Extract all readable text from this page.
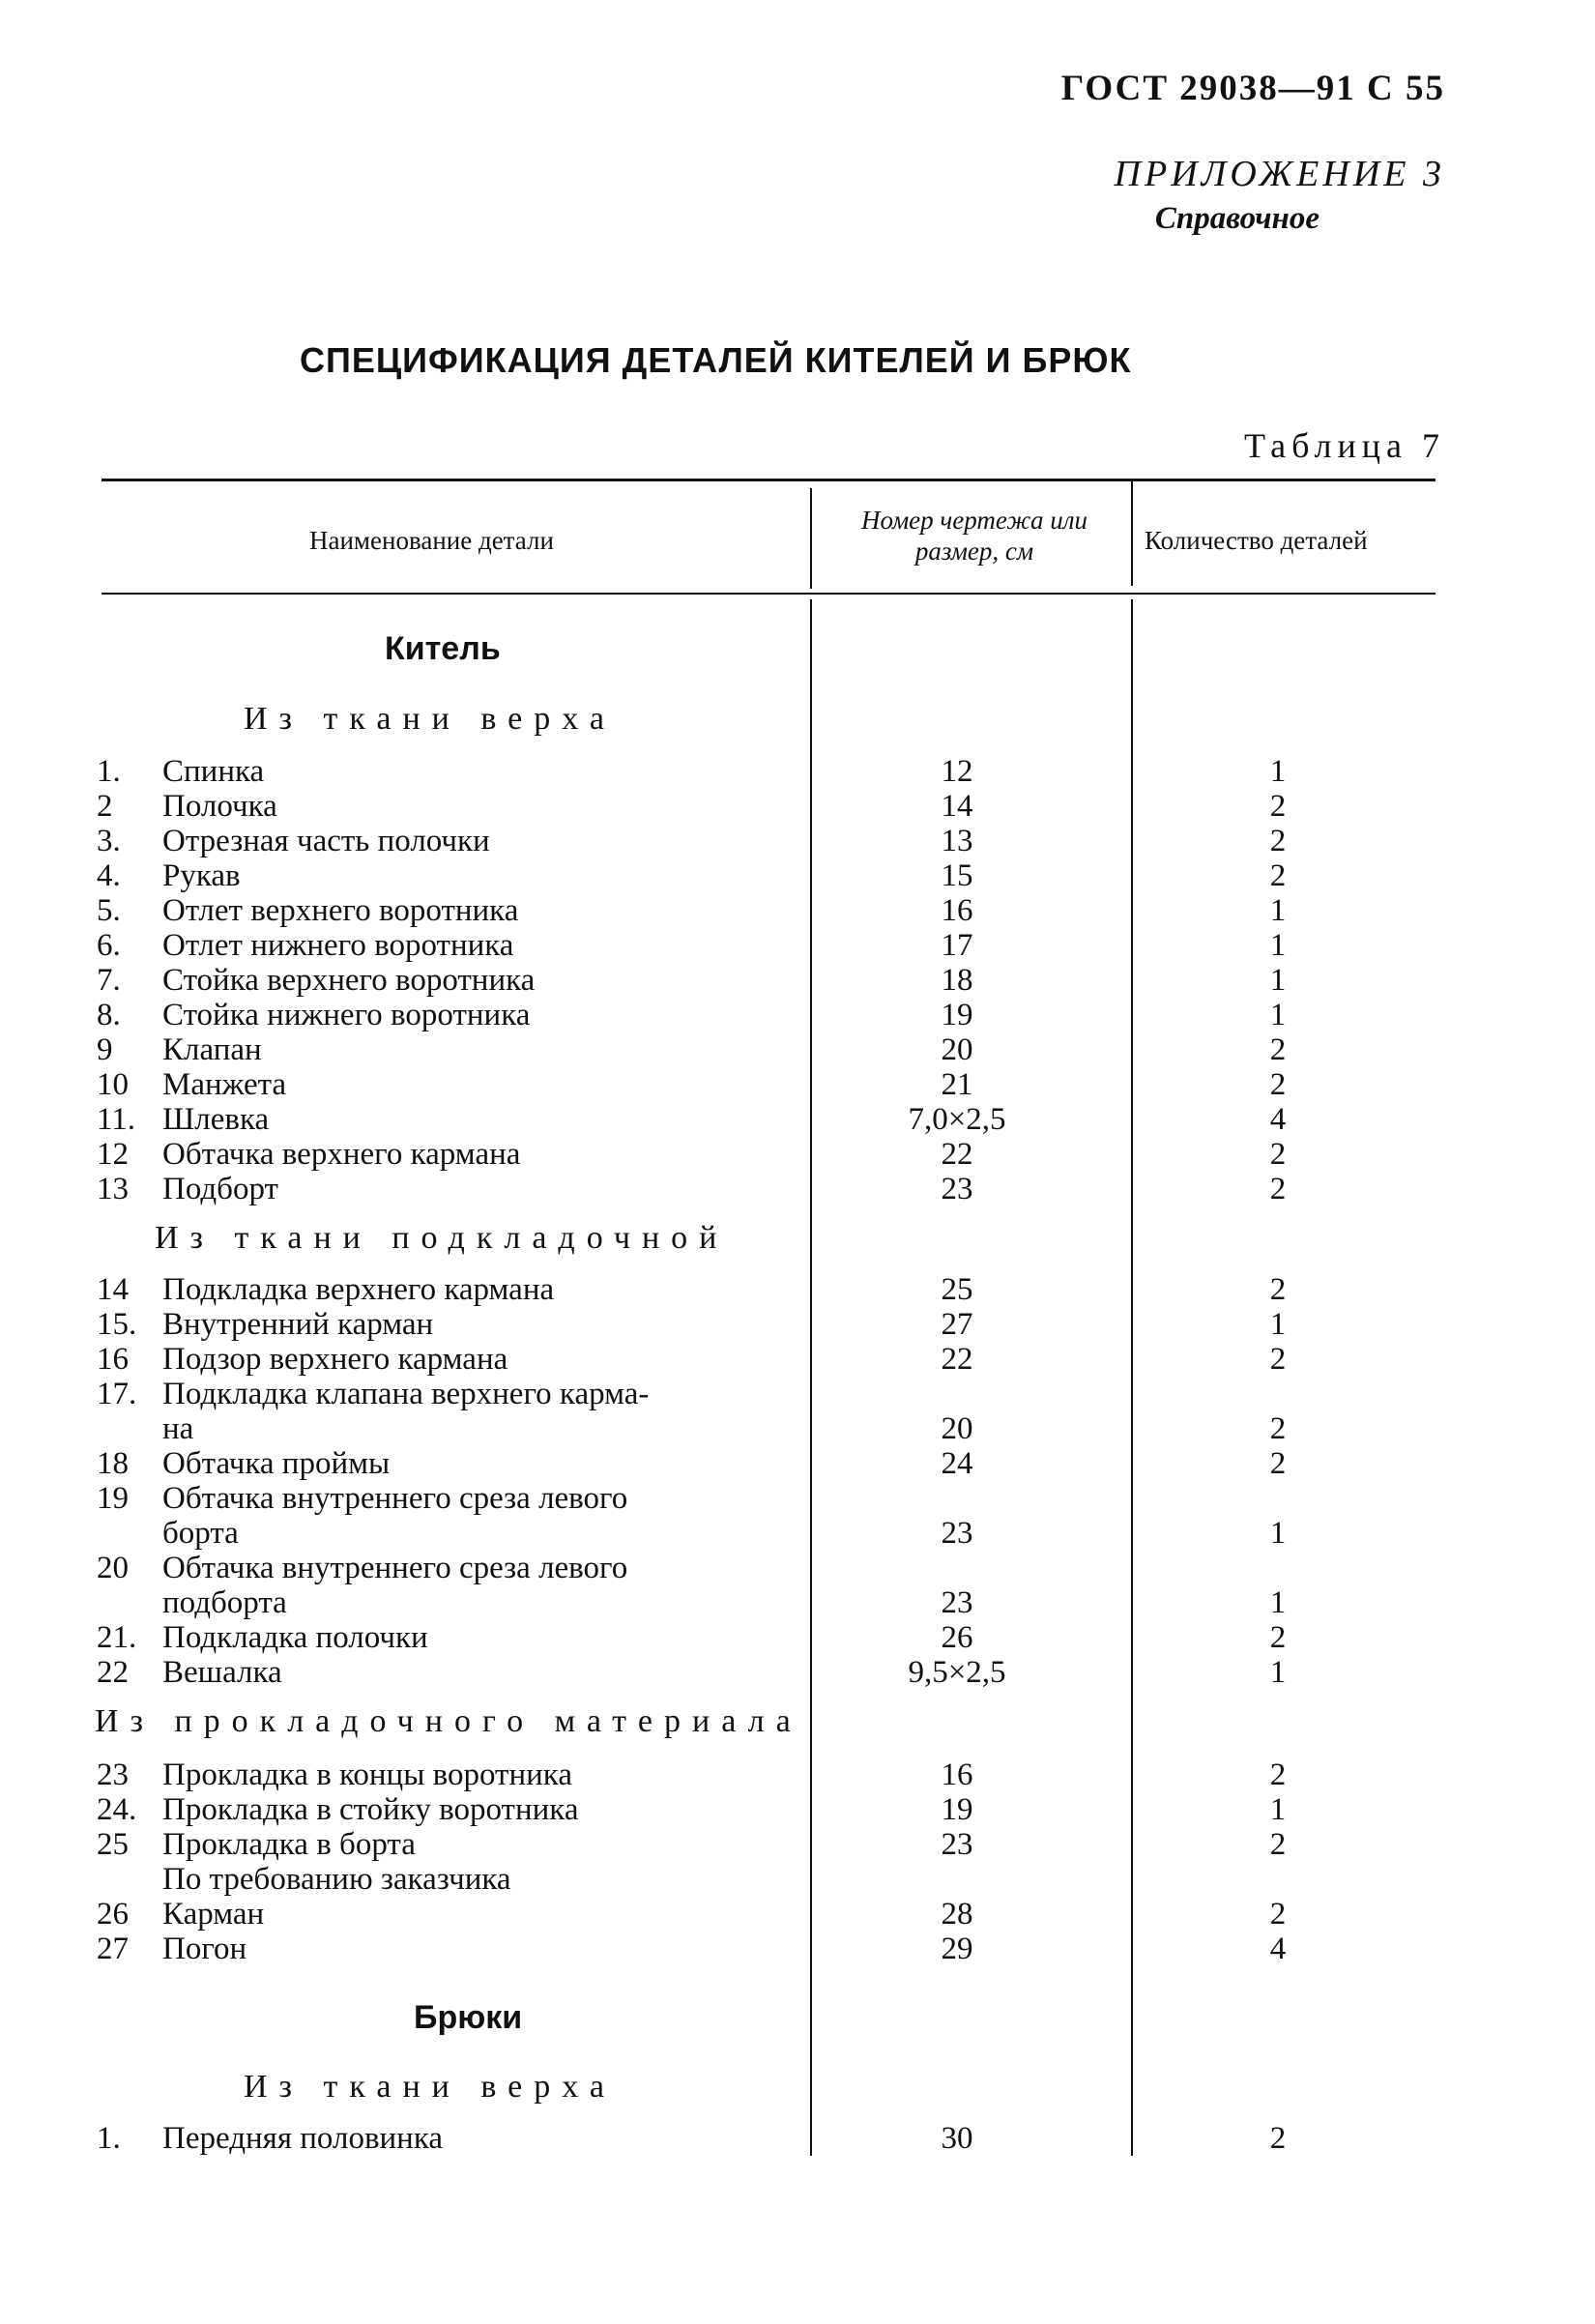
ГОСТ 29038—91 С 55
ПРИЛОЖЕНИЕ 3
Справочное
СПЕЦИФИКАЦИЯ ДЕТАЛЕЙ КИТЕЛЕЙ И БРЮК
Таблица 7
Наименование детали
Номер чертежа или размер, см	Количество деталей
Китель
Из ткани верха
1. Спинка	12	1
2 Полочка	14	2
3. Отрезная часть полочки	13	2
4. Рукав	15	2
5. Отлет верхнего воротника	16	1
6. Отлет нижнего воротника	17	1
7. Стойка верхнего воротника	18	1
8. Стойка нижнего воротника	19	1
9 Клапан	20	2
10 Манжета	21	2
11. Шлевка	7,0×2,5	4
12 Обтачка верхнего кармана	22	2
13 Подборт	23	2
Из ткани подкладочной
14 Подкладка верхнего кармана	25	2
15. Внутренний карман	27	1
16 Подзор верхнего кармана	22	2
17. Подкладка клапана верхнего карма-
на	20	2
18 Обтачка проймы	24	2
19 Обтачка внутреннего среза левого
борта	23	1
20 Обтачка внутреннего среза левого
подборта	23	1
21. Подкладка полочки	26	2
22 Вешалка	9,5×2,5	1
Из прокладочного материала
23 Прокладка в концы воротника	16	2
24. Прокладка в стойку воротника	19	1
25 Прокладка в борта	23	2
По требованию заказчика
26 Карман	28	2
27 Погон	29	4
Брюки
Из ткани верха
1. Передняя половинка	30	2
